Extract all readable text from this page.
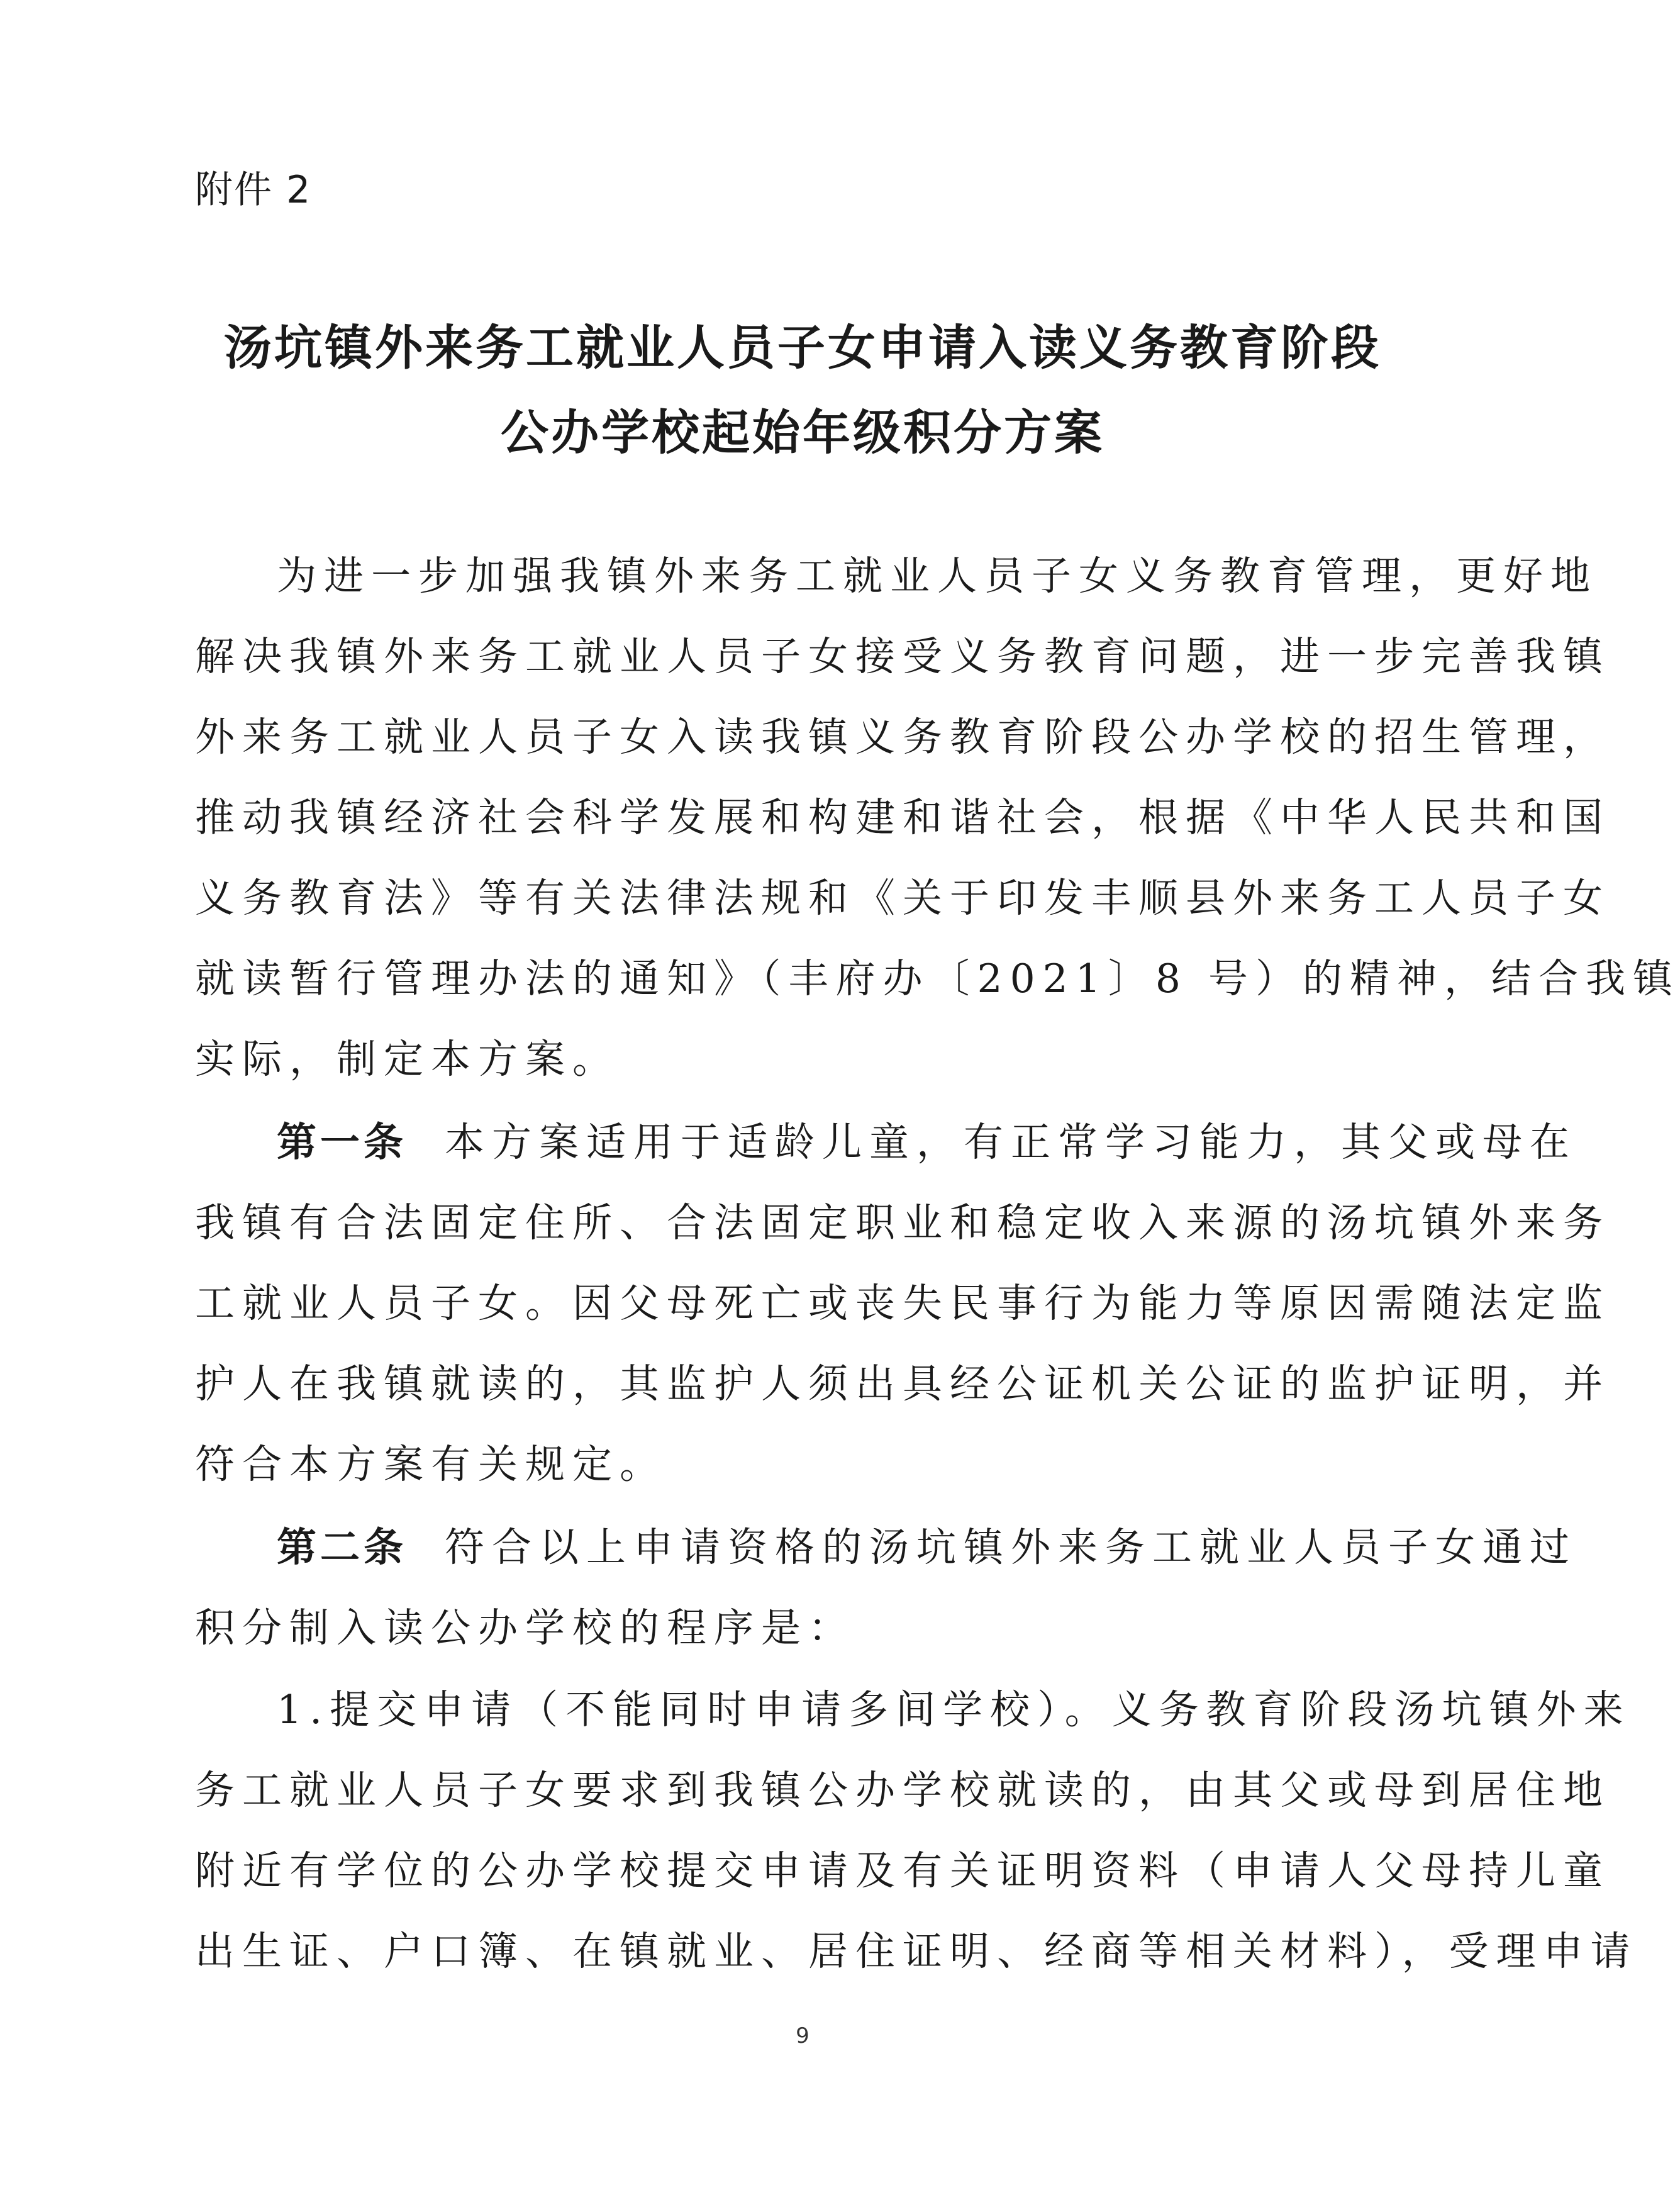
附件 2
汤坑镇外来务工就业人员子女申请入读义务教育阶段
公办学校起始年级积分方案
为进一步加强我镇外来务工就业人员子女义务教育管理，更好地
解决我镇外来务工就业人员子女接受义务教育问题，进一步完善我镇
外来务工就业人员子女入读我镇义务教育阶段公办学校的招生管理，
推动我镇经济社会科学发展和构建和谐社会，根据《中华人民共和国
义务教育法》等有关法律法规和《关于印发丰顺县外来务工人员子女
就读暂行管理办法的通知》（丰府办〔2021〕8 号）的精神，结合我镇
实际，制定本方案。
第一条 本方案适用于适龄儿童，有正常学习能力，其父或母在
我镇有合法固定住所、合法固定职业和稳定收入来源的汤坑镇外来务
工就业人员子女。因父母死亡或丧失民事行为能力等原因需随法定监
护人在我镇就读的，其监护人须出具经公证机关公证的监护证明，并
符合本方案有关规定。
第二条 符合以上申请资格的汤坑镇外来务工就业人员子女通过
积分制入读公办学校的程序是：
1.提交申请（不能同时申请多间学校）。义务教育阶段汤坑镇外来
务工就业人员子女要求到我镇公办学校就读的，由其父或母到居住地
附近有学位的公办学校提交申请及有关证明资料（申请人父母持儿童
出生证、户口簿、在镇就业、居住证明、经商等相关材料），受理申请
9
